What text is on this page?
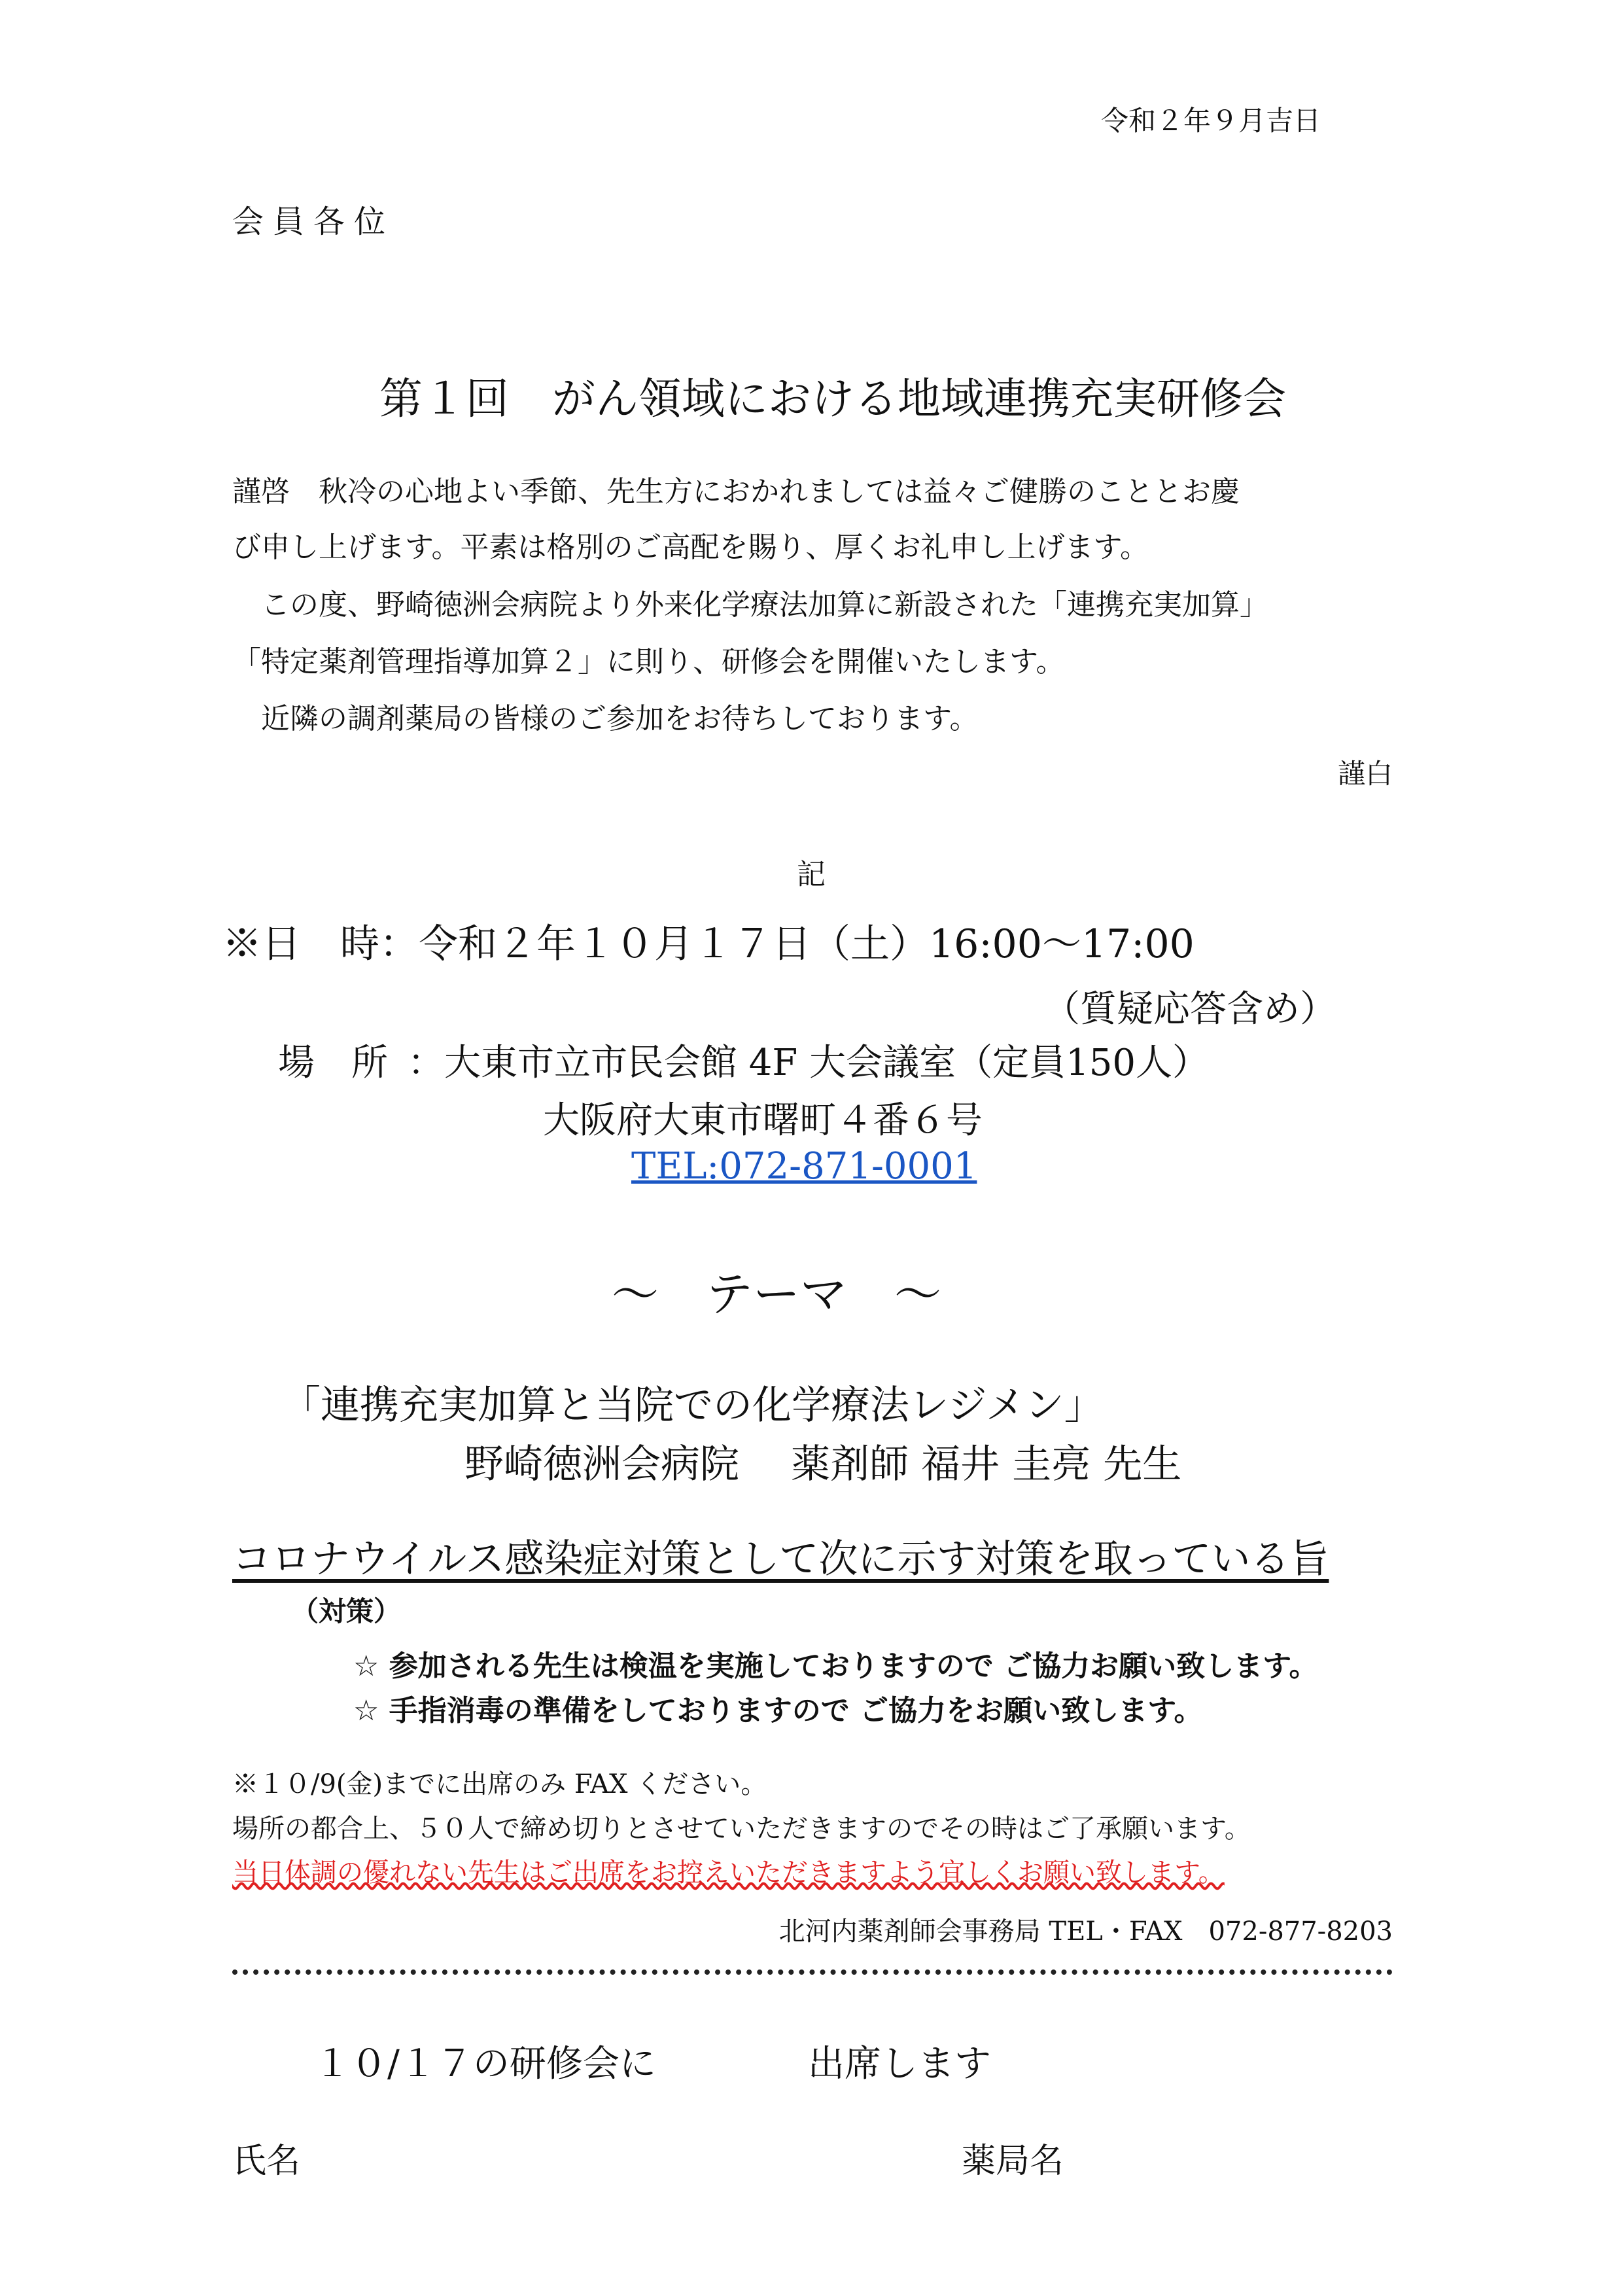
令和２年９月吉日
会員各位
第１回　がん領域における地域連携充実研修会
謹啓　秋冷の心地よい季節、先生方におかれましては益々ご健勝のこととお慶
び申し上げます。平素は格別のご高配を賜り、厚くお礼申し上げます。
　この度、野崎徳洲会病院より外来化学療法加算に新設された「連携充実加算」
「特定薬剤管理指導加算２」に則り、研修会を開催いたします。
　近隣の調剤薬局の皆様のご参加をお待ちしております。
謹白
記
※日　時：令和２年１０月１７日（土）16:00～17:00
（質疑応答含め）
場　所 ：大東市立市民会館 4F 大会議室（定員150人）
大阪府大東市曙町４番６号
TEL:072-871-0001
～　テーマ　～
「連携充実加算と当院での化学療法レジメン」
野崎徳洲会病院　 薬剤師 福井 圭亮 先生
コロナウイルス感染症対策として次に示す対策を取っている旨
（対策）
☆ 参加される先生は検温を実施しておりますので ご協力お願い致します。
☆ 手指消毒の準備をしておりますので ご協力をお願い致します。
※１０/9(金)までに出席のみ FAX ください。
場所の都合上、５０人で締め切りとさせていただきますのでその時はご了承願います。
当日体調の優れない先生はご出席をお控えいただきますよう宜しくお願い致します。
北河内薬剤師会事務局 TEL・FAX　072-877-8203
１０/１７の研修会に	出席します
氏名	薬局名
